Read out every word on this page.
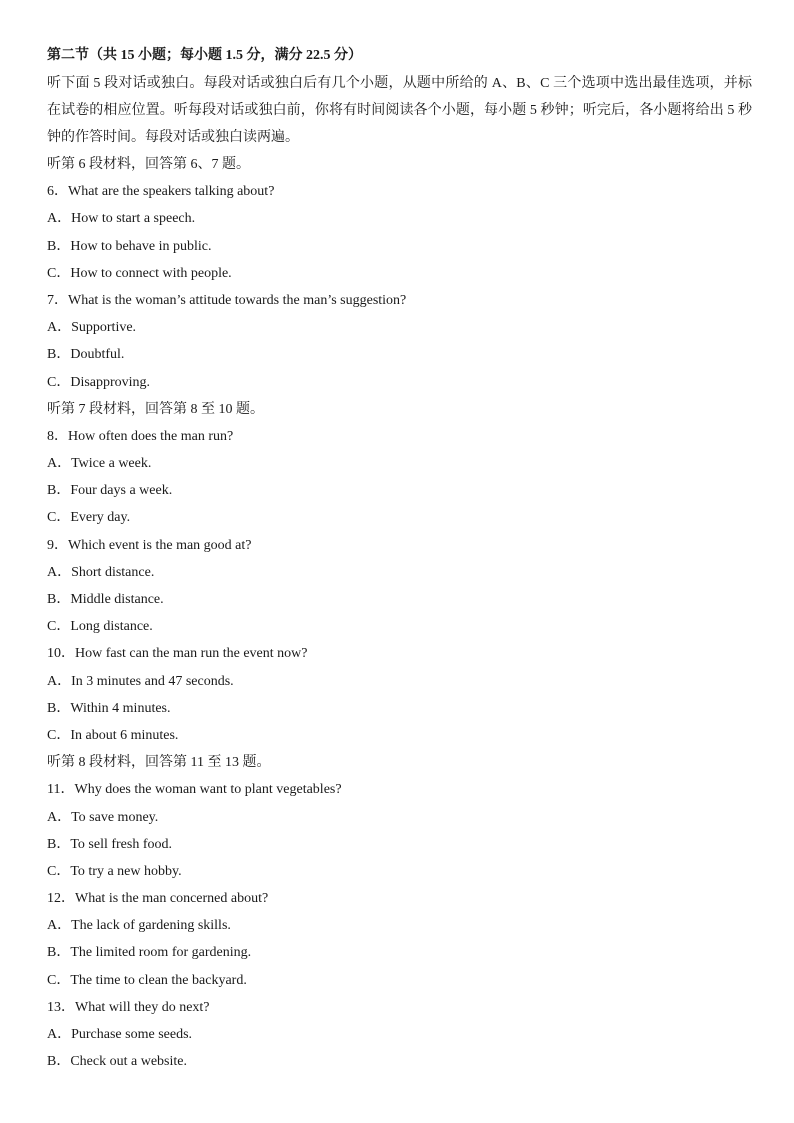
第二节（共 15 小题；每小题 1.5 分，满分 22.5 分）
听下面 5 段对话或独白。每段对话或独白后有几个小题，从题中所给的 A、B、C 三个选项中选出最佳选项，并标在试卷的相应位置。听每段对话或独白前，你将有时间阅读各个小题，每小题 5 秒钟；听完后，各小题将给出 5 秒钟的作答时间。每段对话或独白读两遍。
听第 6 段材料，回答第 6、7 题。
6．What are the speakers talking about?
A．How to start a speech.
B．How to behave in public.
C．How to connect with people.
7．What is the woman’s attitude towards the man’s suggestion?
A．Supportive.
B．Doubtful.
C．Disapproving.
听第 7 段材料，回答第 8 至 10 题。
8．How often does the man run?
A．Twice a week.
B．Four days a week.
C．Every day.
9．Which event is the man good at?
A．Short distance.
B．Middle distance.
C．Long distance.
10．How fast can the man run the event now?
A．In 3 minutes and 47 seconds.
B．Within 4 minutes.
C．In about 6 minutes.
听第 8 段材料，回答第 11 至 13 题。
11．Why does the woman want to plant vegetables?
A．To save money.
B．To sell fresh food.
C．To try a new hobby.
12．What is the man concerned about?
A．The lack of gardening skills.
B．The limited room for gardening.
C．The time to clean the backyard.
13．What will they do next?
A．Purchase some seeds.
B．Check out a website.
